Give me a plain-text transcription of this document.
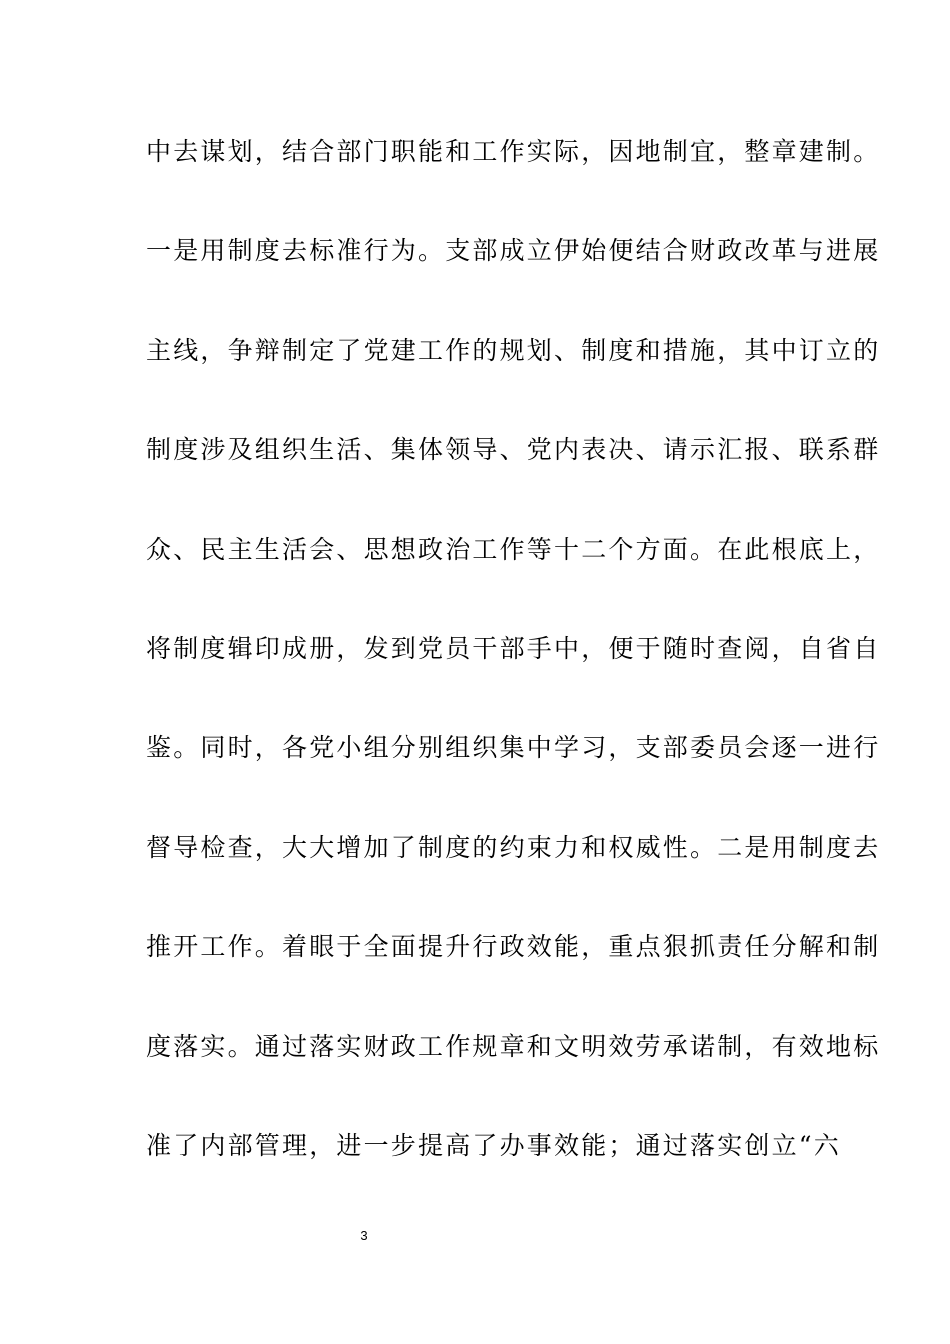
中去谋划，结合部门职能和工作实际，因地制宜，整章建制。
一是用制度去标准行为。支部成立伊始便结合财政改革与进展
主线，争辩制定了党建工作的规划、制度和措施，其中订立的
制度涉及组织生活、集体领导、党内表决、请示汇报、联系群
众、民主生活会、思想政治工作等十二个方面。在此根底上，
将制度辑印成册，发到党员干部手中，便于随时查阅，自省自
鉴。同时，各党小组分别组织集中学习，支部委员会逐一进行
督导检查，大大增加了制度的约束力和权威性。二是用制度去
推开工作。着眼于全面提升行政效能，重点狠抓责任分解和制
度落实。通过落实财政工作规章和文明效劳承诺制，有效地标
准了内部管理，进一步提高了办事效能；通过落实创立“六
3
